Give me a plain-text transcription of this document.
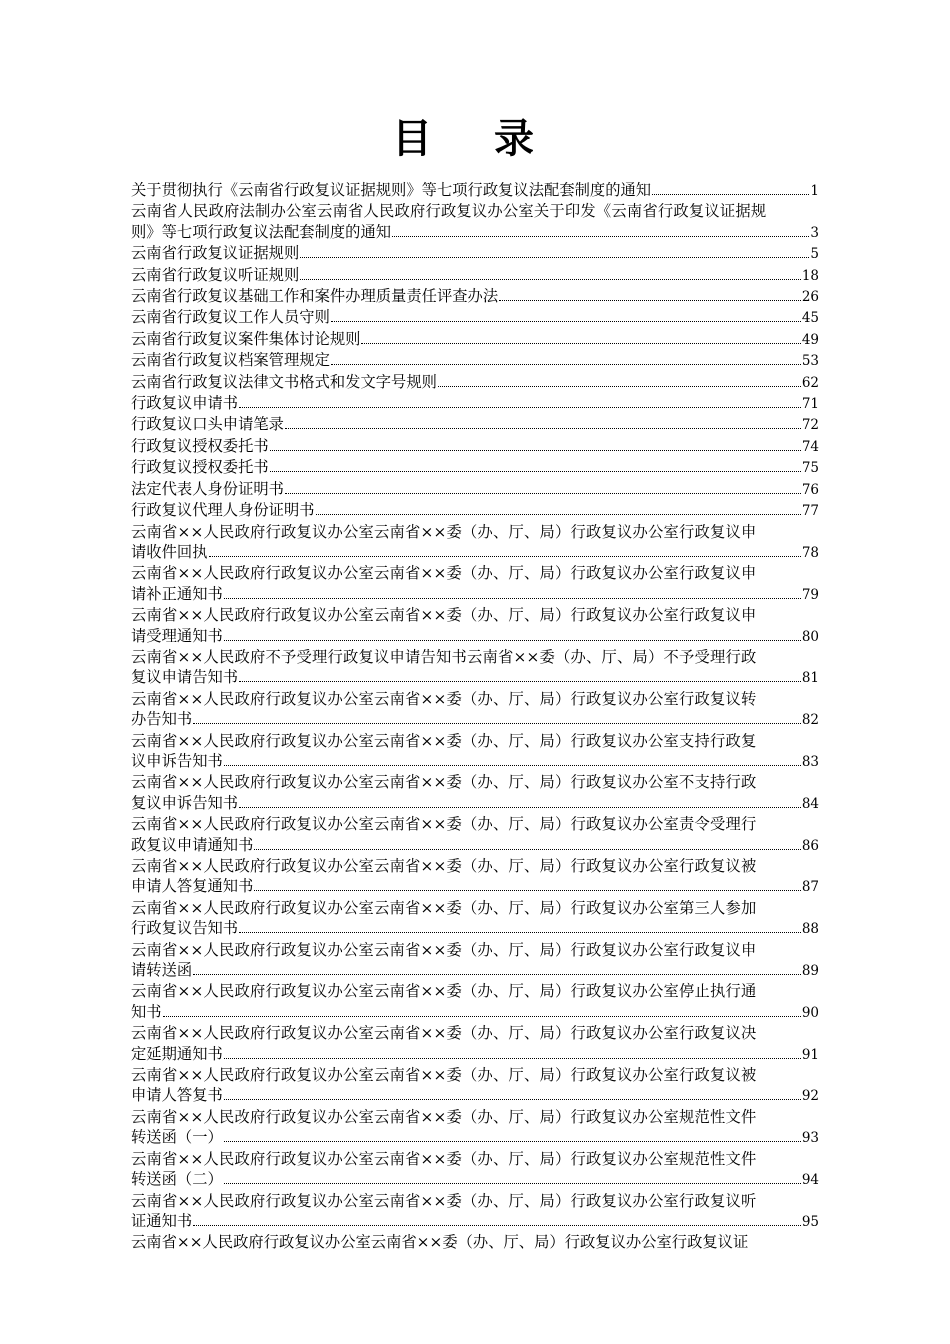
目 录
关于贯彻执行《云南省行政复议证据规则》等七项行政复议法配套制度的通知	1
云南省人民政府法制办公室云南省人民政府行政复议办公室关于印发《云南省行政复议证据规
则》等七项行政复议法配套制度的通知	3
云南省行政复议证据规则	5
云南省行政复议听证规则	18
云南省行政复议基础工作和案件办理质量责任评查办法	26
云南省行政复议工作人员守则	45
云南省行政复议案件集体讨论规则	49
云南省行政复议档案管理规定	53
云南省行政复议法律文书格式和发文字号规则	62
行政复议申请书	71
行政复议口头申请笔录	72
行政复议授权委托书	74
行政复议授权委托书	75
法定代表人身份证明书	76
行政复议代理人身份证明书	77
云南省××人民政府行政复议办公室云南省××委（办、厅、局）行政复议办公室行政复议申
请收件回执	78
云南省××人民政府行政复议办公室云南省××委（办、厅、局）行政复议办公室行政复议申
请补正通知书	79
云南省××人民政府行政复议办公室云南省××委（办、厅、局）行政复议办公室行政复议申
请受理通知书	80
云南省××人民政府不予受理行政复议申请告知书云南省××委（办、厅、局）不予受理行政
复议申请告知书	81
云南省××人民政府行政复议办公室云南省××委（办、厅、局）行政复议办公室行政复议转
办告知书	82
云南省××人民政府行政复议办公室云南省××委（办、厅、局）行政复议办公室支持行政复
议申诉告知书	83
云南省××人民政府行政复议办公室云南省××委（办、厅、局）行政复议办公室不支持行政
复议申诉告知书	84
云南省××人民政府行政复议办公室云南省××委（办、厅、局）行政复议办公室责令受理行
政复议申请通知书	86
云南省××人民政府行政复议办公室云南省××委（办、厅、局）行政复议办公室行政复议被
申请人答复通知书	87
云南省××人民政府行政复议办公室云南省××委（办、厅、局）行政复议办公室第三人参加
行政复议告知书	88
云南省××人民政府行政复议办公室云南省××委（办、厅、局）行政复议办公室行政复议申
请转送函	89
云南省××人民政府行政复议办公室云南省××委（办、厅、局）行政复议办公室停止执行通
知书	90
云南省××人民政府行政复议办公室云南省××委（办、厅、局）行政复议办公室行政复议决
定延期通知书	91
云南省××人民政府行政复议办公室云南省××委（办、厅、局）行政复议办公室行政复议被
申请人答复书	92
云南省××人民改府行政复议办公室云南省××委（办、厅、局）行政复议办公室规范性文件
转送函（一）	93
云南省××人民政府行政复议办公室云南省××委（办、厅、局）行政复议办公室规范性文件
转送函（二）	94
云南省××人民政府行政复议办公室云南省××委（办、厅、局）行政复议办公室行政复议听
证通知书	95
云南省××人民政府行政复议办公室云南省××委（办、厅、局）行政复议办公室行政复议证
